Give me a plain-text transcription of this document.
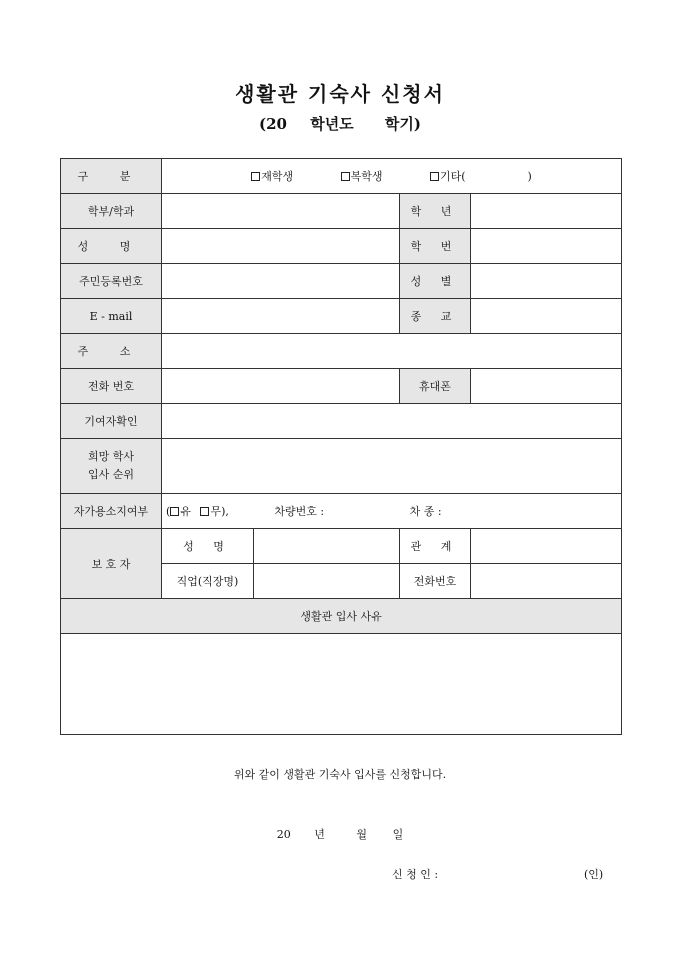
생활관 기숙사 신청서
(20 학년도 학기)
구 분	재학생 복학생 기타( )			
학부/학과			학 년	
성 명			학 번	
주민등록번호			성 별	
E - mail			종 교	
주 소				
전화 번호			휴대폰	
기여자확인				

희망 학사
입사 순위				

자가용소지여부	( 유 무), 차량번호 : 차 종 :			
보 호 자	성 명		관 계	
	직업(직장명)		전화번호	
생활관 입사 사유				

위와 같이 생활관 기숙사 입사를 신청합니다.
20 년	월 일
신 청 인 :	(인)
